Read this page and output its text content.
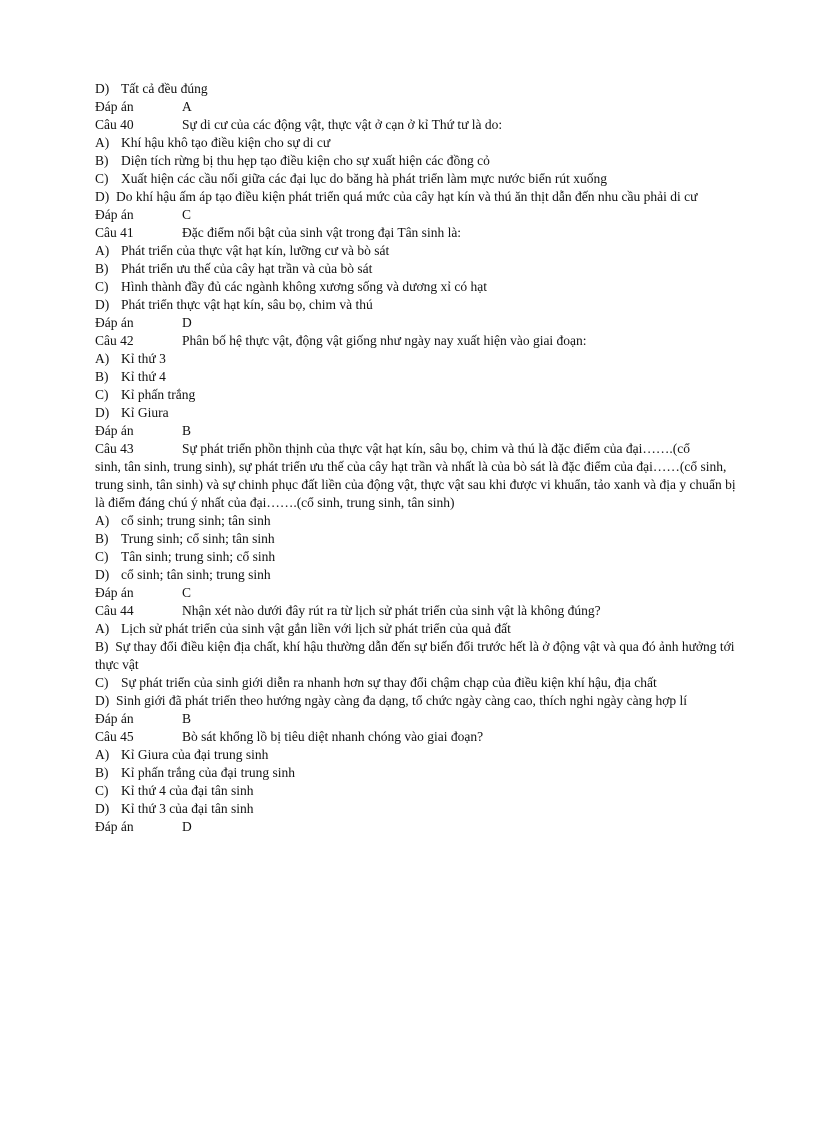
D) Tất cả đều đúng
Đáp án	A
Câu 40	Sự di cư của các động vật, thực vật ở cạn ở kỉ Thứ tư là do:
A) Khí hậu khô tạo điều kiện cho sự di cư
B) Diện tích rừng bị thu hẹp tạo điều kiện cho sự xuất hiện các đồng cỏ
C) Xuất hiện các cầu nối giữa các đại lục do băng hà phát triển làm mực nước biển rút xuống
D) Do khí hậu ấm áp tạo điều kiện phát triển quá mức của cây hạt kín và thú ăn thịt dẫn đến nhu cầu phải di cư
Đáp án	C
Câu 41	Đặc điểm nổi bật của sinh vật trong đại Tân sinh là:
A) Phát triển của thực vật hạt kín, lưỡng cư và bò sát
B) Phát triển ưu thế của cây hạt trần và của bò sát
C) Hình thành đầy đủ các ngành không xương sống và dương xỉ có hạt
D) Phát triển thực vật hạt kín, sâu bọ, chim và thú
Đáp án	D
Câu 42	Phân bố hệ thực vật, động vật giống như ngày nay xuất hiện vào giai đoạn:
A) Kỉ thứ 3
B) Kỉ thứ 4
C) Kỉ phấn trắng
D) Kỉ Giura
Đáp án	B
Câu 43	Sự phát triển phồn thịnh của thực vật hạt kín, sâu bọ, chim và thú là đặc điểm của đại…….(cổ
sinh, tân sinh, trung sinh), sự phát triển ưu thế của cây hạt trần và nhất là của bò sát là đặc điểm của đại……(cổ sinh, trung sinh, tân sinh) và sự chinh phục đất liền của động vật, thực vật sau khi được vi khuẩn, tảo xanh và địa y chuẩn bị là điểm đáng chú ý nhất của đại…….(cổ sinh, trung sinh, tân sinh)
A) cổ sinh; trung sinh; tân sinh
B) Trung sinh; cổ sinh; tân sinh
C) Tân sinh; trung sinh; cổ sinh
D) cổ sinh; tân sinh; trung sinh
Đáp án	C
Câu 44	Nhận xét nào dưới đây rút ra từ lịch sử phát triển của sinh vật là không đúng?
A) Lịch sử phát triển của sinh vật gắn liền với lịch sử phát triển của quả đất
B) Sự thay đổi điều kiện địa chất, khí hậu thường dẫn đến sự biến đổi trước hết là ở động vật và qua đó ảnh hưởng tới thực vật
C) Sự phát triển của sinh giới diễn ra nhanh hơn sự thay đổi chậm chạp của điều kiện khí hậu, địa chất
D) Sinh giới đã phát triển theo hướng ngày càng đa dạng, tổ chức ngày càng cao, thích nghi ngày càng hợp lí
Đáp án	B
Câu 45	Bò sát khổng lồ bị tiêu diệt nhanh chóng vào giai đoạn?
A) Kỉ Giura của đại trung sinh
B) Kỉ phấn trắng của đại trung sinh
C) Kỉ thứ 4 của đại tân sinh
D) Kỉ thứ 3 của đại tân sinh
Đáp án	D
